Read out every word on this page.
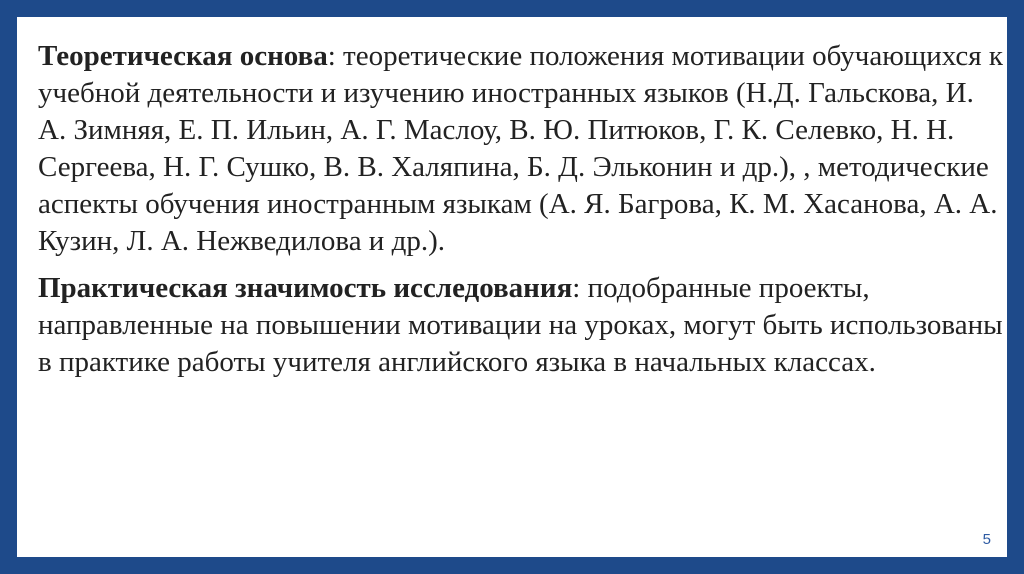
Теоретическая основа: теоретические положения мотивации обучающихся к учебной деятельности и изучению иностранных языков (Н.Д. Гальскова, И. А. Зимняя, Е. П. Ильин, А. Г. Маслоу, В. Ю. Питюков, Г. К. Селевко, Н. Н. Сергеева, Н. Г. Сушко, В. В. Халяпина, Б. Д. Эльконин и др.), , методические аспекты обучения иностранным языкам (А. Я. Багрова, К. М. Хасанова, А. А. Кузин, Л. А. Нежведилова и др.).

Практическая значимость исследования: подобранные проекты, направленные на повышении мотивации на уроках, могут быть использованы в практике работы учителя английского языка в начальных классах.

5
